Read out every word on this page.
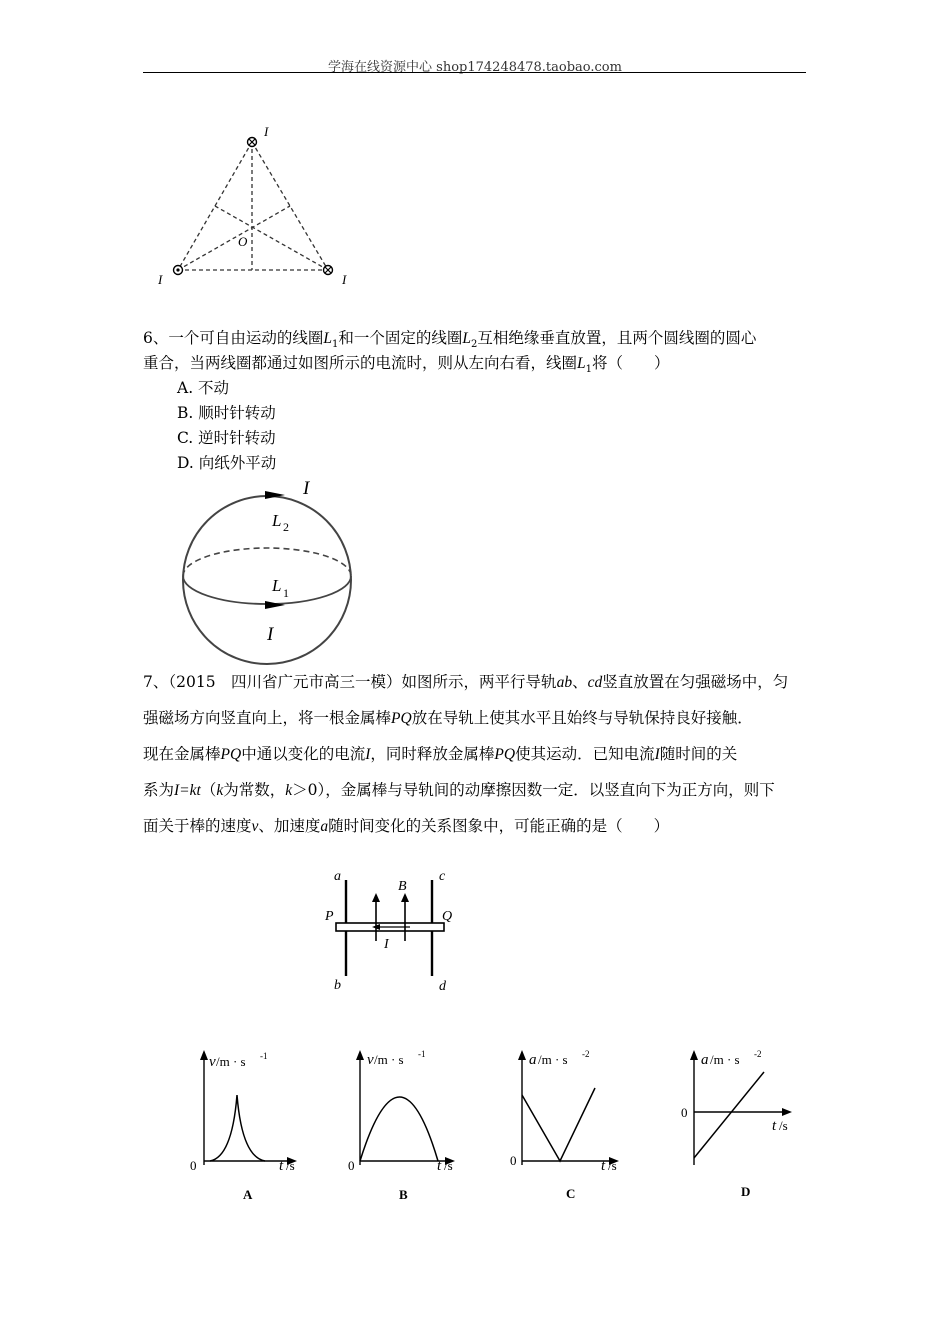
学海在线资源中心 shop174248478.taobao.com
I
I	I
O
6、一个可自由运动的线圈$L_1$和一个固定的线圈$L_2$互相绝缘垂直放置，且两个圆线圈的圆心
重合，当两线圈都通过如图所示的电流时，则从左向右看，线圈$L_1$将（　　）
A. 不动
B. 顺时针转动
C. 逆时针转动
D. 向纸外平动
I
L 2
L 1
I
7、（2015　四川省广元市高三一模）如图所示，两平行导轨ab、cd竖直放置在匀强磁场中，匀
强磁场方向竖直向上，将一根金属棒PQ放在导轨上使其水平且始终与导轨保持良好接触．
现在金属棒PQ中通以变化的电流I，同时释放金属棒PQ使其运动．已知电流I随时间的关
系为I=kt（k为常数，k＞0），金属棒与导轨间的动摩擦因数一定．以竖直向下为正方向，则下
面关于棒的速度v、加速度a随时间变化的关系图象中，可能正确的是（　　）
a
b
c
d
B
P	Q
I
v /m · s -1
0	t /s
A
v /m · s -1
0	t /s
B
a /m · s -2
0	t /s
C
a /m · s -2
0
t /s
D
